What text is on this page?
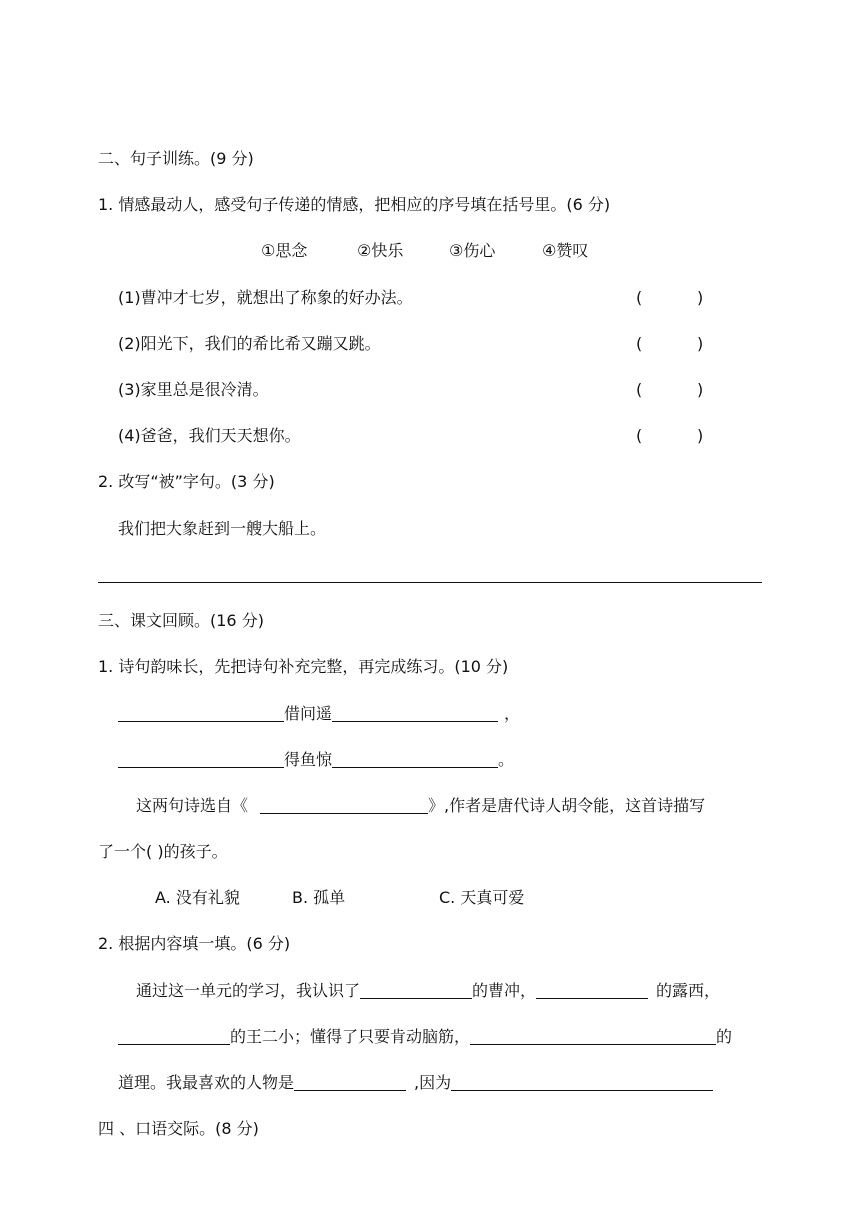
二、句子训练。(9 分)
1. 情感最动人，感受句子传递的情感，把相应的序号填在括号里。(6 分)
①思念	②快乐	③伤心	④赞叹
(1)曹冲才七岁，就想出了称象的好办法。	(	)
(2)阳光下，我们的希比希又蹦又跳。	(	)
(3)家里总是很冷清。	(	)
(4)爸爸，我们天天想你。	(	)
2. 改写“被”字句。(3 分)
我们把大象赶到一艘大船上。
三、课文回顾。(16 分)
1. 诗句韵味长，先把诗句补充完整，再完成练习。(10 分)
借问遥	，
得鱼惊	。
这两句诗选自《	》,作者是唐代诗人胡令能，这首诗描写
了一个( )的孩子。
A. 没有礼貌	B. 孤单	C. 天真可爱
2. 根据内容填一填。(6 分)
通过这一单元的学习，我认识了	的曹冲，	的露西，
的王二小；懂得了只要肯动脑筋，	的
道理。我最喜欢的人物是	,因为
四 、口语交际。(8 分)
